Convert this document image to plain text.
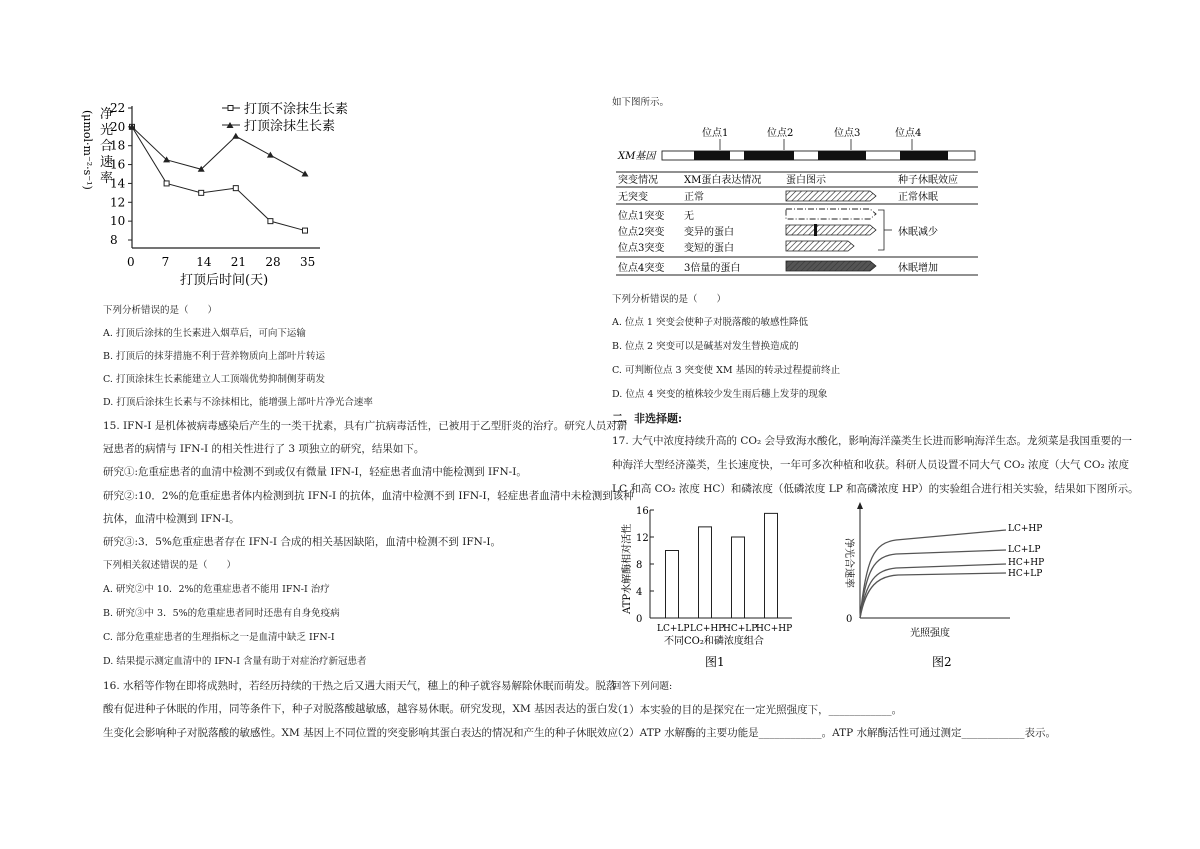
净
光
合
速
率
(μmol·m⁻²·s⁻¹)
8
10
12
14
16
18
20
22
0 7 14 21 28 35
打顶后时间(天)
打顶不涂抹生长素
打顶涂抹生长素
下列分析错误的是（　　）
A. 打顶后涂抹的生长素进入烟草后，可向下运输
B. 打顶后的抹芽措施不利于营养物质向上部叶片转运
C. 打顶涂抹生长素能建立人工顶端优势抑制侧芽萌发
D. 打顶后涂抹生长素与不涂抹相比，能增强上部叶片净光合速率
15. IFN-I 是机体被病毒感染后产生的一类干扰素，具有广抗病毒活性，已被用于乙型肝炎的治疗。研究人员对新
冠患者的病情与 IFN-I 的相关性进行了 3 项独立的研究，结果如下。
研究①:危重症患者的血清中检测不到或仅有微量 IFN-I，轻症患者血清中能检测到 IFN-I。
研究②:10．2%的危重症患者体内检测到抗 IFN-I 的抗体，血清中检测不到 IFN-I，轻症患者血清中未检测到该种
抗体，血清中检测到 IFN-I。
研究③:3．5%危重症患者存在 IFN-I 合成的相关基因缺陷，血清中检测不到 IFN-I。
下列相关叙述错误的是（　　）
A. 研究②中 10．2%的危重症患者不能用 IFN-I 治疗
B. 研究③中 3．5%的危重症患者同时还患有自身免疫病
C. 部分危重症患者的生理指标之一是血清中缺乏 IFN-I
D. 结果提示测定血清中的 IFN-I 含量有助于对症治疗新冠患者
16. 水稻等作物在即将成熟时，若经历持续的干热之后又遇大雨天气，穗上的种子就容易解除休眠而萌发。脱落
酸有促进种子休眠的作用，同等条件下，种子对脱落酸越敏感，越容易休眠。研究发现，XM 基因表达的蛋白发
生变化会影响种子对脱落酸的敏感性。XM 基因上不同位置的突变影响其蛋白表达的情况和产生的种子休眠效应
如下图所示。
位点1	位点2	位点3	位点4
XM基因
突变情况	XM蛋白表达情况 蛋白图示	种子休眠效应
无突变	正常	正常休眠
位点1突变 无
位点2突变 变异的蛋白	休眠减少
位点3突变 变短的蛋白
位点4突变 3倍量的蛋白	休眠增加
下列分析错误的是（　　）
A. 位点 1 突变会使种子对脱落酸的敏感性降低
B. 位点 2 突变可以是碱基对发生替换造成的
C. 可判断位点 3 突变使 XM 基因的转录过程提前终止
D. 位点 4 突变的植株较少发生雨后穗上发芽的现象
二、非选择题:
17. 大气中浓度持续升高的 CO₂ 会导致海水酸化，影响海洋藻类生长进而影响海洋生态。龙须菜是我国重要的一
种海洋大型经济藻类，生长速度快，一年可多次种植和收获。科研人员设置不同大气 CO₂ 浓度（大气 CO₂ 浓度
LC 和高 CO₂ 浓度 HC）和磷浓度（低磷浓度 LP 和高磷浓度 HP）的实验组合进行相关实验，结果如下图所示。
ATP水解酶相对活性
0
4
8
12
16
LC+LP LC+HP
HC+LP
HC+HP
不同CO₂和磷浓度组合
图1
净光合速率
0
LC+HP
LC+LP
HC+HP
HC+LP
光照强度
图2
回答下列问题:
（1）本实验的目的是探究在一定光照强度下，____________。
（2）ATP 水解酶的主要功能是____________。ATP 水解酶活性可通过测定____________表示。
